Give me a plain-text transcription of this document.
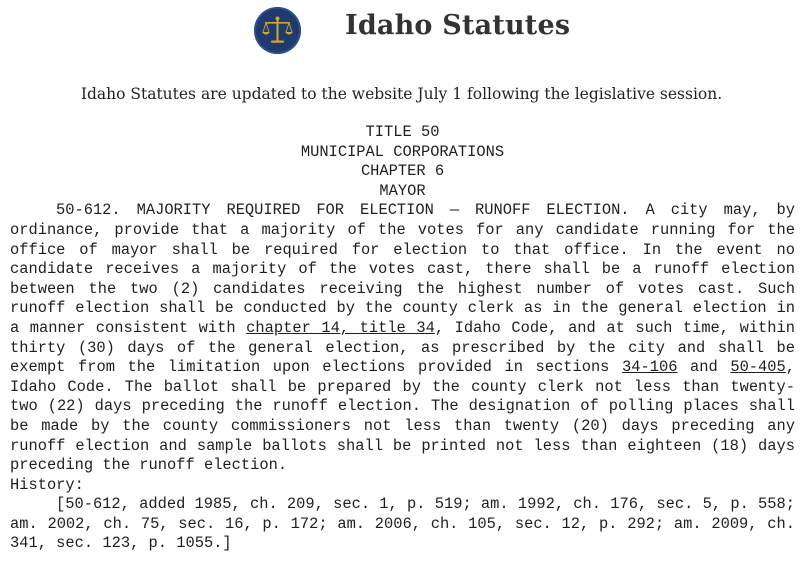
Idaho Statutes
Idaho Statutes are updated to the website July 1 following the legislative session.
TITLE 50
MUNICIPAL CORPORATIONS
CHAPTER 6
MAYOR

50-612. MAJORITY REQUIRED FOR ELECTION — RUNOFF ELECTION. A city may, by ordinance, provide that a majority of the votes for any candidate running for the office of mayor shall be required for election to that office. In the event no candidate receives a majority of the votes cast, there shall be a runoff election between the two (2) candidates receiving the highest number of votes cast. Such runoff election shall be conducted by the county clerk as in the general election in a manner consistent with chapter 14, title 34, Idaho Code, and at such time, within thirty (30) days of the general election, as prescribed by the city and shall be exempt from the limitation upon elections provided in sections 34-106 and 50-405, Idaho Code. The ballot shall be prepared by the county clerk not less than twenty-two (22) days preceding the runoff election. The designation of polling places shall be made by the county commissioners not less than twenty (20) days preceding any runoff election and sample ballots shall be printed not less than eighteen (18) days preceding the runoff election.

History:

[50-612, added 1985, ch. 209, sec. 1, p. 519; am. 1992, ch. 176, sec. 5, p. 558; am. 2002, ch. 75, sec. 16, p. 172; am. 2006, ch. 105, sec. 12, p. 292; am. 2009, ch. 341, sec. 123, p. 1055.]
